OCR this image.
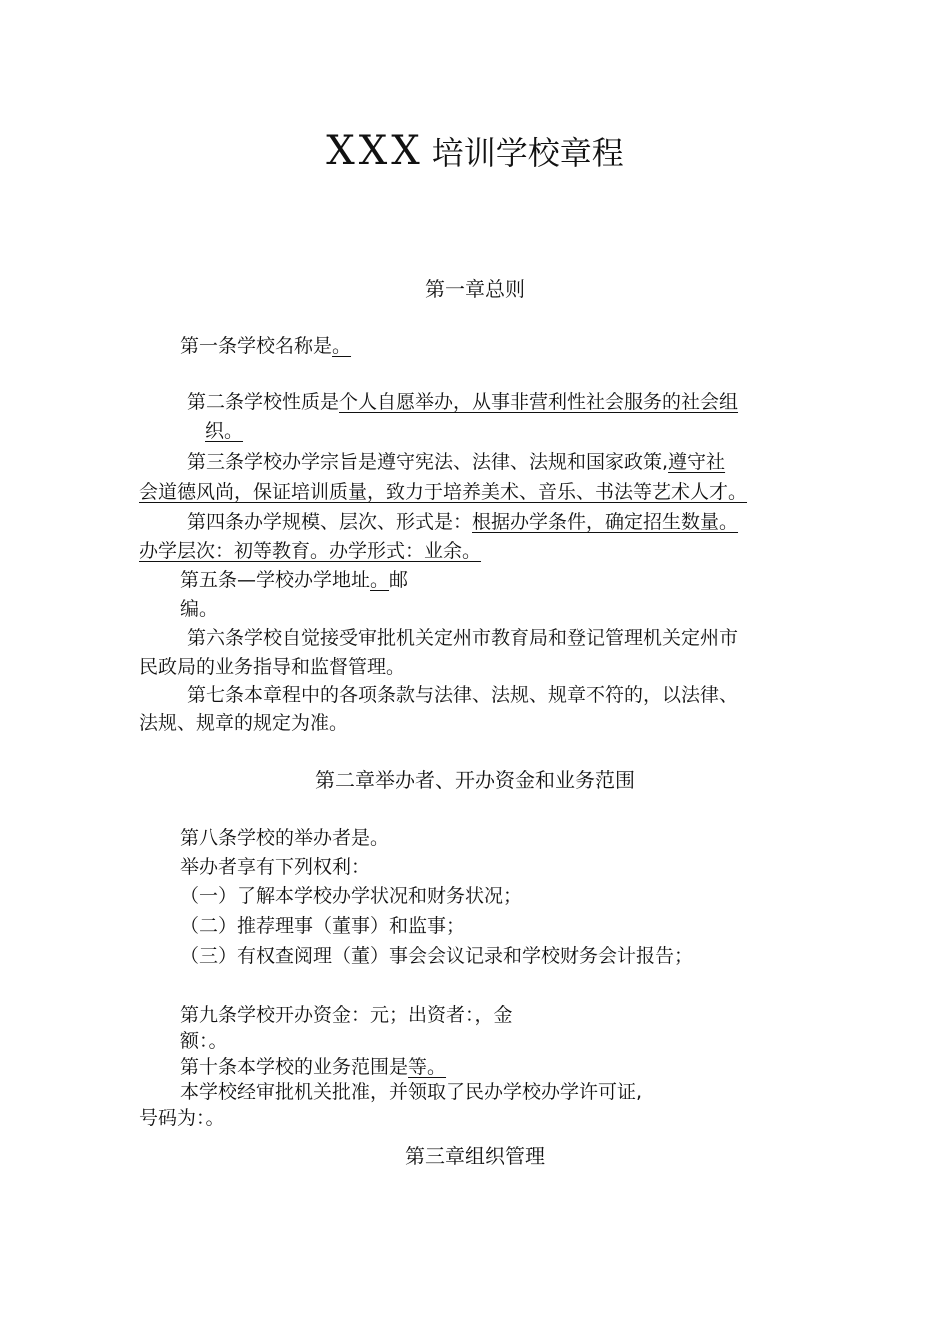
XXX 培训学校章程
第一章总则
第一条学校名称是。
第二条学校性质是个人自愿举办，从事非营利性社会服务的社会组
织。
第三条学校办学宗旨是遵守宪法、法律、法规和国家政策,遵守社
会道德风尚，保证培训质量，致力于培养美术、音乐、书法等艺术人才。
第四条办学规模、层次、形式是：根据办学条件，确定招生数量。
办学层次：初等教育。办学形式：业余。
第五条—学校办学地址。邮
编。
第六条学校自觉接受审批机关定州市教育局和登记管理机关定州市
民政局的业务指导和监督管理。
第七条本章程中的各项条款与法律、法规、规章不符的，以法律、
法规、规章的规定为准。
第二章举办者、开办资金和业务范围
第八条学校的举办者是。
举办者享有下列权利：
（一）了解本学校办学状况和财务状况；
（二）推荐理事（董事）和监事；
（三）有权查阅理（董）事会会议记录和学校财务会计报告；
第九条学校开办资金：元；出资者：，金
额：。
第十条本学校的业务范围是等。
本学校经审批机关批准，并领取了民办学校办学许可证,
号码为：。
第三章组织管理
